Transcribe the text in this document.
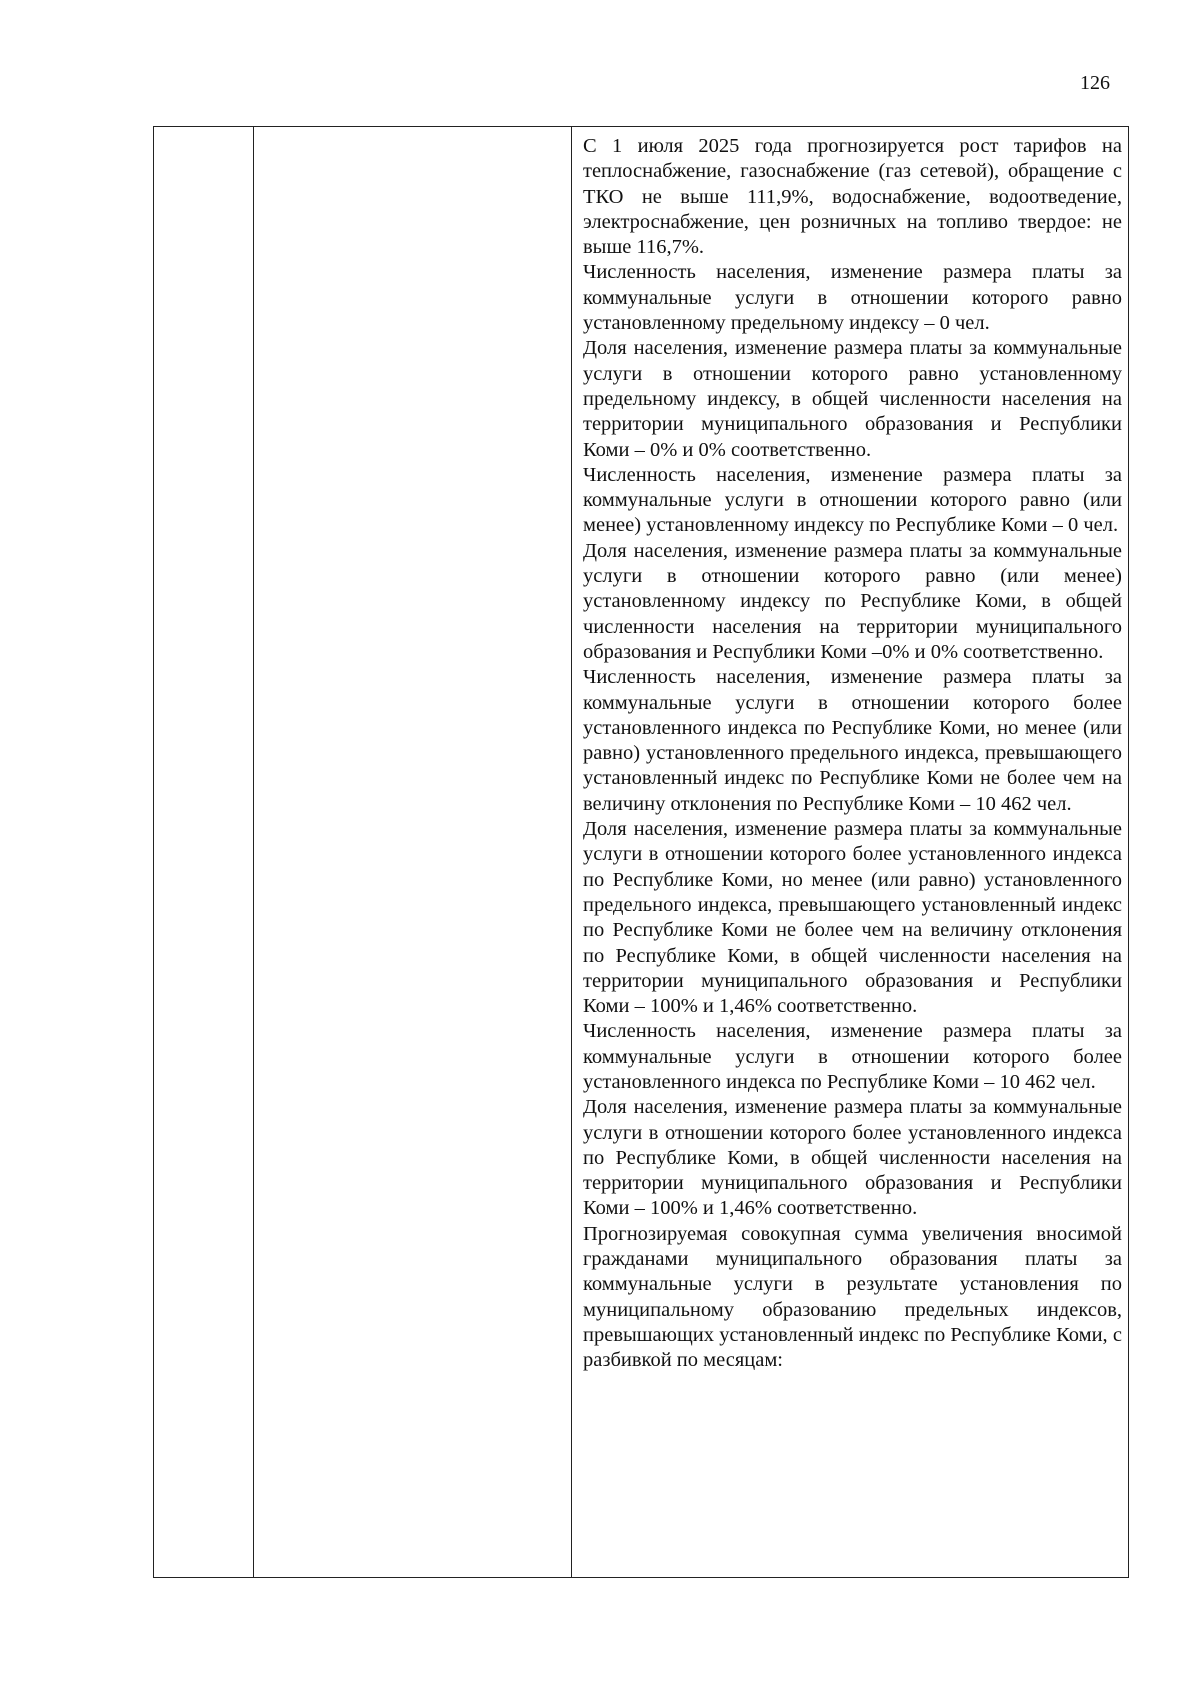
126

С 1 июля 2025 года прогнозируется рост тарифов на теплоснабжение, газоснабжение (газ сетевой), обращение с ТКО не выше 111,9%, водоснабжение, водоотведение, электроснабжение, цен розничных на топливо твердое: не выше 116,7%.

Численность населения, изменение размера платы за коммунальные услуги в отношении которого равно установленному предельному индексу – 0 чел.

Доля населения, изменение размера платы за коммунальные услуги в отношении которого равно установленному предельному индексу, в общей численности населения на территории муниципального образования и Республики Коми – 0% и 0% соответственно.

Численность населения, изменение размера платы за коммунальные услуги в отношении которого равно (или менее) установленному индексу по Республике Коми – 0 чел.

Доля населения, изменение размера платы за коммунальные услуги в отношении которого равно (или менее) установленному индексу по Республике Коми, в общей численности населения на территории муниципального образования и Республики Коми –0% и 0% соответственно.

Численность населения, изменение размера платы за коммунальные услуги в отношении которого более установленного индекса по Республике Коми, но менее (или равно) установленного предельного индекса, превышающего установленный индекс по Республике Коми не более чем на величину отклонения по Республике Коми – 10 462 чел.

Доля населения, изменение размера платы за коммунальные услуги в отношении которого более установленного индекса по Республике Коми, но менее (или равно) установленного предельного индекса, превышающего установленный индекс по Республике Коми не более чем на величину отклонения по Республике Коми, в общей численности населения на территории муниципального образования и Республики Коми – 100% и 1,46% соответственно.

Численность населения, изменение размера платы за коммунальные услуги в отношении которого более установленного индекса по Республике Коми – 10 462 чел.

Доля населения, изменение размера платы за коммунальные услуги в отношении которого более установленного индекса по Республике Коми, в общей численности населения на территории муниципального образования и Республики Коми – 100% и 1,46% соответственно.

Прогнозируемая совокупная сумма увеличения вносимой гражданами муниципального образования платы за коммунальные услуги в результате установления по муниципальному образованию предельных индексов, превышающих установленный индекс по Республике Коми, с разбивкой по месяцам:
